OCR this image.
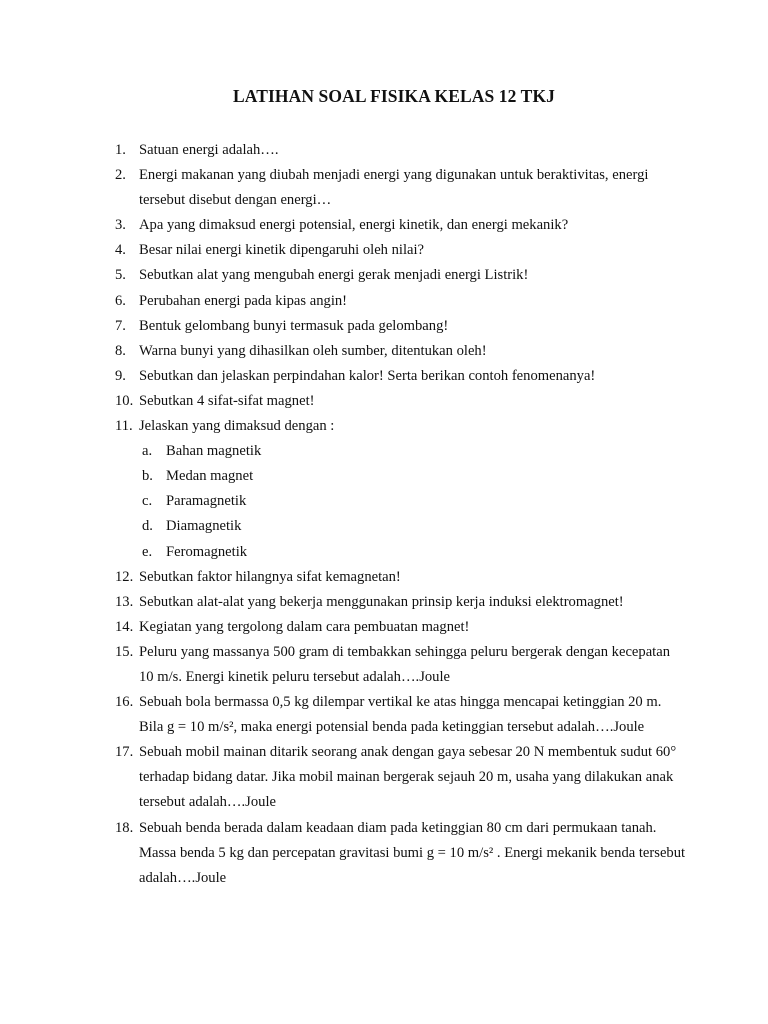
LATIHAN SOAL FISIKA KELAS 12 TKJ
1. Satuan energi adalah….
2. Energi makanan yang diubah menjadi energi yang digunakan untuk beraktivitas, energi tersebut disebut dengan energi…
3. Apa yang dimaksud energi potensial, energi kinetik, dan energi mekanik?
4. Besar nilai energi kinetik dipengaruhi oleh nilai?
5. Sebutkan alat yang mengubah energi gerak menjadi energi Listrik!
6. Perubahan energi pada kipas angin!
7. Bentuk gelombang bunyi termasuk pada gelombang!
8. Warna bunyi yang dihasilkan oleh sumber, ditentukan oleh!
9. Sebutkan dan jelaskan perpindahan kalor! Serta berikan contoh fenomenanya!
10. Sebutkan 4 sifat-sifat magnet!
11. Jelaskan yang dimaksud dengan :
a. Bahan magnetik
b. Medan magnet
c. Paramagnetik
d. Diamagnetik
e. Feromagnetik
12. Sebutkan faktor hilangnya sifat kemagnetan!
13. Sebutkan alat-alat yang bekerja menggunakan prinsip kerja induksi elektromagnet!
14. Kegiatan yang tergolong dalam cara pembuatan magnet!
15. Peluru yang massanya 500 gram di tembakkan sehingga peluru bergerak dengan kecepatan 10 m/s. Energi kinetik peluru tersebut adalah….Joule
16. Sebuah bola bermassa 0,5 kg dilempar vertikal ke atas hingga mencapai ketinggian 20 m. Bila g = 10 m/s², maka energi potensial benda pada ketinggian tersebut adalah….Joule
17. Sebuah mobil mainan ditarik seorang anak dengan gaya sebesar 20 N membentuk sudut 60° terhadap bidang datar. Jika mobil mainan bergerak sejauh 20 m, usaha yang dilakukan anak tersebut adalah….Joule
18. Sebuah benda berada dalam keadaan diam pada ketinggian 80 cm dari permukaan tanah. Massa benda 5 kg dan percepatan gravitasi bumi g = 10 m/s² . Energi mekanik benda tersebut adalah….Joule
